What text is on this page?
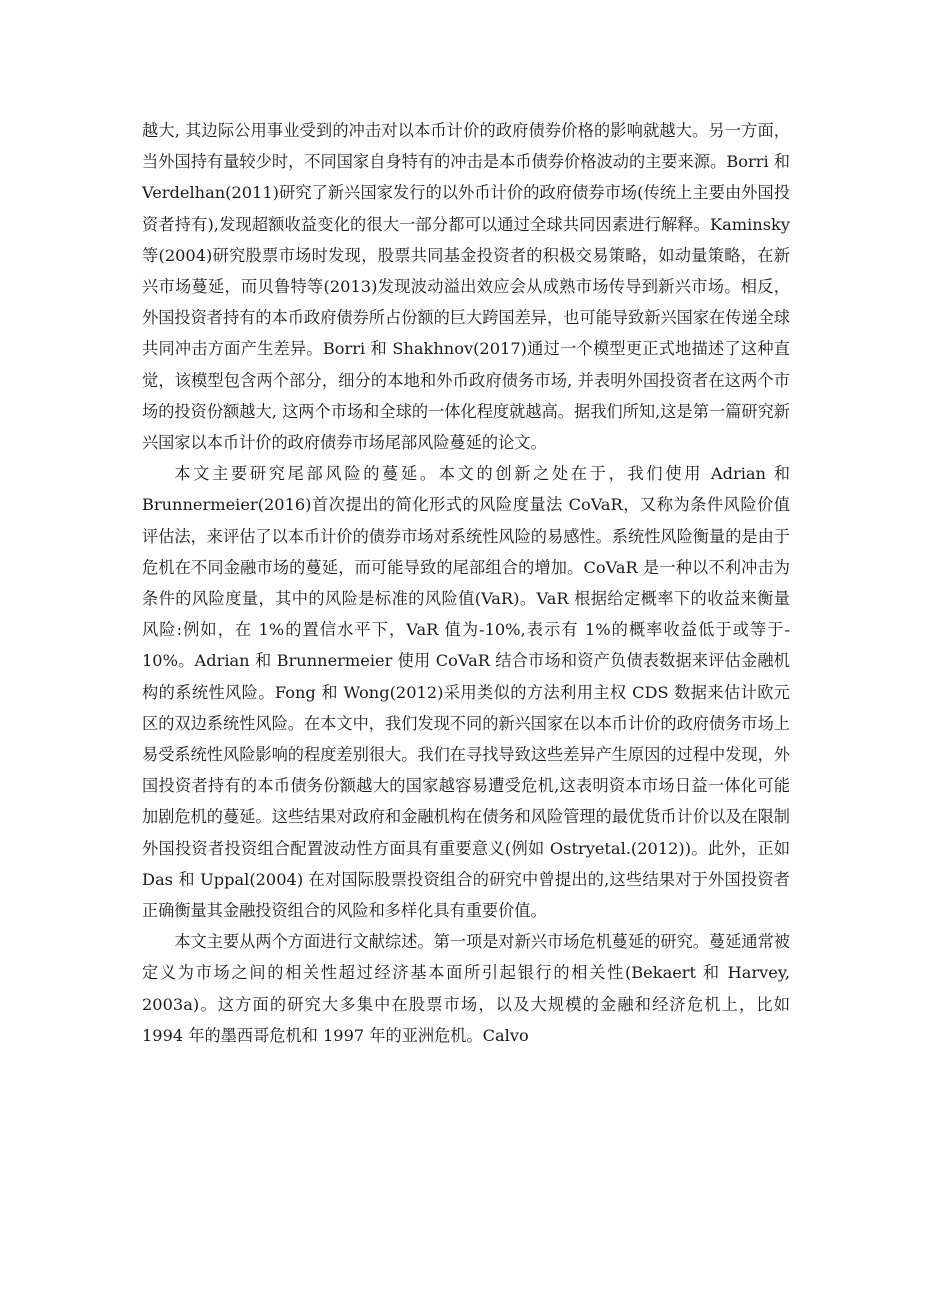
越大, 其边际公用事业受到的冲击对以本币计价的政府债券价格的影响就越大。另一方面，当外国持有量较少时，不同国家自身特有的冲击是本币债券价格波动的主要来源。Borri 和 Verdelhan(2011)研究了新兴国家发行的以外币计价的政府债券市场(传统上主要由外国投资者持有),发现超额收益变化的很大一部分都可以通过全球共同因素进行解释。Kaminsky 等(2004)研究股票市场时发现，股票共同基金投资者的积极交易策略，如动量策略，在新兴市场蔓延，而贝鲁特等(2013)发现波动溢出效应会从成熟市场传导到新兴市场。相反，外国投资者持有的本币政府债券所占份额的巨大跨国差异，也可能导致新兴国家在传递全球共同冲击方面产生差异。Borri 和 Shakhnov(2017)通过一个模型更正式地描述了这种直觉，该模型包含两个部分，细分的本地和外币政府债务市场, 并表明外国投资者在这两个市场的投资份额越大, 这两个市场和全球的一体化程度就越高。据我们所知,这是第一篇研究新兴国家以本币计价的政府债券市场尾部风险蔓延的论文。

本文主要研究尾部风险的蔓延。本文的创新之处在于，我们使用 Adrian 和 Brunnermeier(2016)首次提出的简化形式的风险度量法 CoVaR，又称为条件风险价值评估法，来评估了以本币计价的债券市场对系统性风险的易感性。系统性风险衡量的是由于危机在不同金融市场的蔓延，而可能导致的尾部组合的增加。CoVaR 是一种以不利冲击为条件的风险度量，其中的风险是标准的风险值(VaR)。VaR 根据给定概率下的收益来衡量风险:例如，在 1%的置信水平下，VaR 值为-10%,表示有 1%的概率收益低于或等于- 10%。Adrian 和 Brunnermeier 使用 CoVaR 结合市场和资产负债表数据来评估金融机构的系统性风险。Fong 和 Wong(2012)采用类似的方法利用主权 CDS 数据来估计欧元区的双边系统性风险。在本文中，我们发现不同的新兴国家在以本币计价的政府债务市场上易受系统性风险影响的程度差别很大。我们在寻找导致这些差异产生原因的过程中发现，外国投资者持有的本币债务份额越大的国家越容易遭受危机,这表明资本市场日益一体化可能加剧危机的蔓延。这些结果对政府和金融机构在债务和风险管理的最优货币计价以及在限制外国投资者投资组合配置波动性方面具有重要意义(例如 Ostryetal.(2012))。此外，正如 Das 和 Uppal(2004) 在对国际股票投资组合的研究中曾提出的,这些结果对于外国投资者正确衡量其金融投资组合的风险和多样化具有重要价值。

本文主要从两个方面进行文献综述。第一项是对新兴市场危机蔓延的研究。蔓延通常被定义为市场之间的相关性超过经济基本面所引起银行的相关性(Bekaert 和 Harvey, 2003a)。这方面的研究大多集中在股票市场，以及大规模的金融和经济危机上，比如 1994 年的墨西哥危机和 1997 年的亚洲危机。Calvo
